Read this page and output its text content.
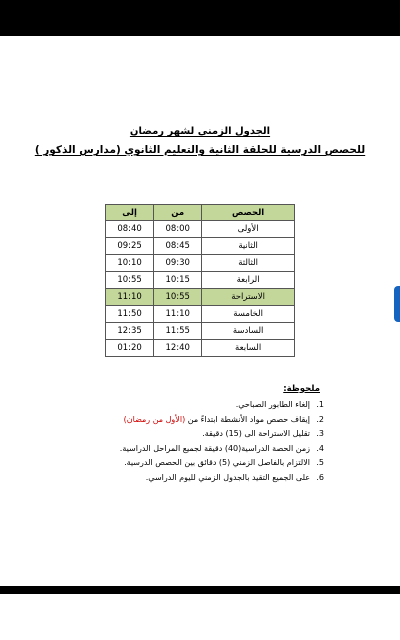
الجدول الزمني لشهر رمضان
للحصص الدرسية للحلقة الثانية والتعليم الثانوي (مدارس الذكور )
الحصص	من	إلى
الأولى	08:00	08:40
الثانية	08:45	09:25
الثالثة	09:30	10:10
الرابعة	10:15	10:55
الاستراحة	10:55	11:10
الخامسة	11:10	11:50
السادسة	11:55	12:35
السابعة	12:40	01:20
ملحوظة:
1.إلغاء الطابور الصباحي.
2.إيقاف حصص مواد الأنشطة ابتداءً من (الأول من رمضان)
3.تقليل الاستراحة الى (15) دقيقة.
4.زمن الحصة الدراسية(40) دقيقة لجميع المراحل الدراسية.
5.الالتزام بالفاصل الزمني (5) دقائق بين الحصص الدرسية.
6.على الجميع التقيد بالجدول الزمني لليوم الدراسي.
